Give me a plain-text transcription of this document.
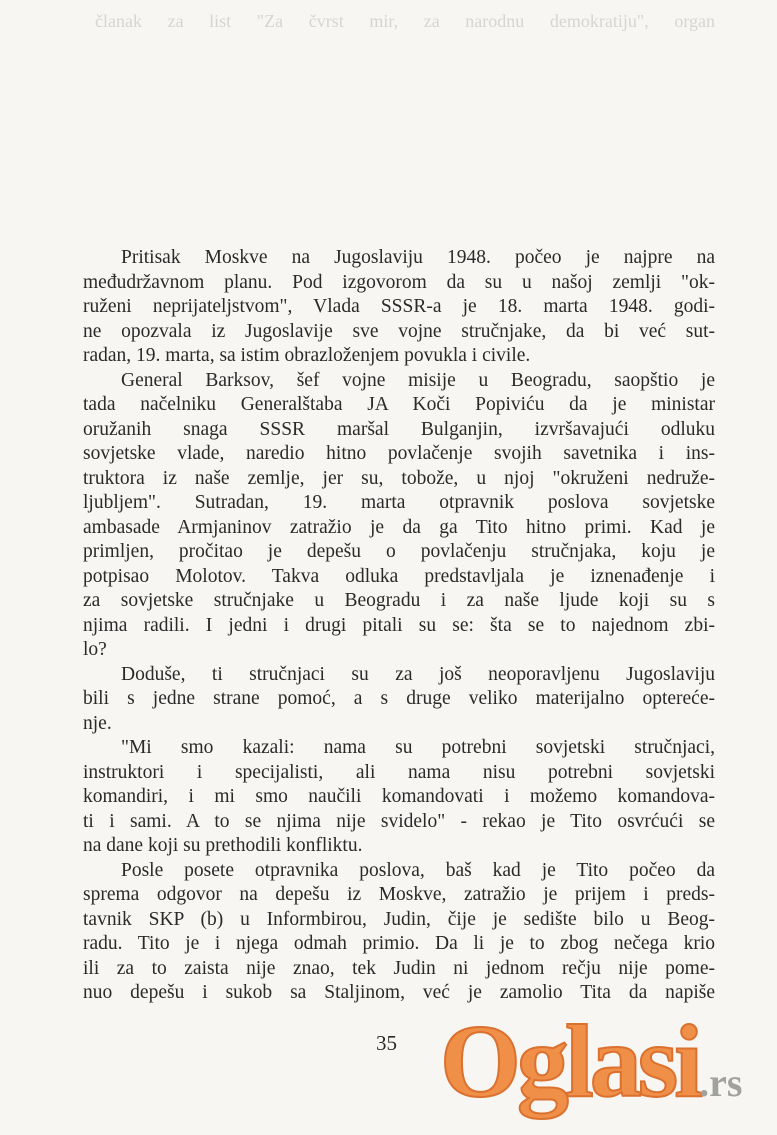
članak za list "Za čvrst mir, za narodnu demokratiju", organ
Pritisak Moskve na Jugoslaviju 1948. počeo je najpre na
međudržavnom planu. Pod izgovorom da su u našoj zemlji "ok-
ruženi neprijateljstvom", Vlada SSSR-a je 18. marta 1948. godi-
ne opozvala iz Jugoslavije sve vojne stručnjake, da bi već sut-
radan, 19. marta, sa istim obrazloženjem povukla i civile.
General Barksov, šef vojne misije u Beogradu, saopštio je
tada načelniku Generalštaba JA Koči Popiviću da je ministar
oružanih snaga SSSR maršal Bulganjin, izvršavajući odluku
sovjetske vlade, naredio hitno povlačenje svojih savetnika i ins-
truktora iz naše zemlje, jer su, tobože, u njoj "okruženi nedruže-
ljubljem". Sutradan, 19. marta otpravnik poslova sovjetske
ambasade Armjaninov zatražio je da ga Tito hitno primi. Kad je
primljen, pročitao je depešu o povlačenju stručnjaka, koju je
potpisao Molotov. Takva odluka predstavljala je iznenađenje i
za sovjetske stručnjake u Beogradu i za naše ljude koji su s
njima radili. I jedni i drugi pitali su se: šta se to najednom zbi-
lo?
Doduše, ti stručnjaci su za još neoporavljenu Jugoslaviju
bili s jedne strane pomoć, a s druge veliko materijalno optereće-
nje.
"Mi smo kazali: nama su potrebni sovjetski stručnjaci,
instruktori i specijalisti, ali nama nisu potrebni sovjetski
komandiri, i mi smo naučili komandovati i možemo komandova-
ti i sami. A to se njima nije svidelo" - rekao je Tito osvrćući se
na dane koji su prethodili konfliktu.
Posle posete otpravnika poslova, baš kad je Tito počeo da
sprema odgovor na depešu iz Moskve, zatražio je prijem i preds-
tavnik SKP (b) u Informbirou, Judin, čije je sedište bilo u Beog-
radu. Tito je i njega odmah primio. Da li je to zbog nečega krio
ili za to zaista nije znao, tek Judin ni jednom rečju nije pome-
nuo depešu i sukob sa Staljinom, već je zamolio Tita da napiše
35 Oglasi.rs
